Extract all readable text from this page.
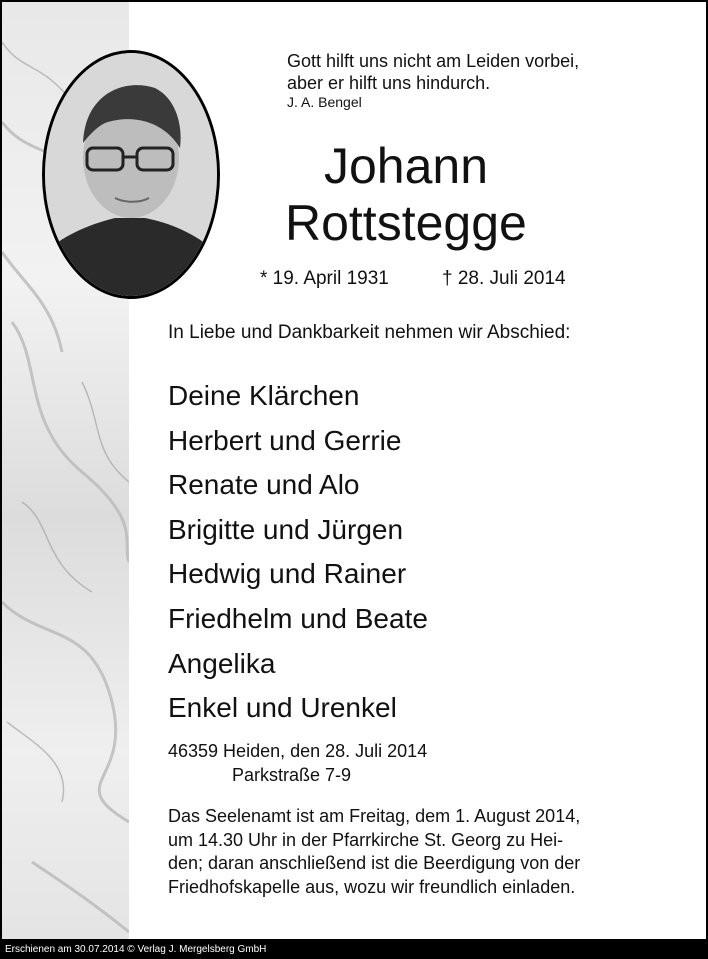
Gott hilft uns nicht am Leiden vorbei,
aber er hilft uns hindurch.
J. A. Bengel
Johann
Rottstegge
* 19. April 1931	† 28. Juli 2014
In Liebe und Dankbarkeit nehmen wir Abschied:
Deine Klärchen
Herbert und Gerrie
Renate und Alo
Brigitte und Jürgen
Hedwig und Rainer
Friedhelm und Beate
Angelika
Enkel und Urenkel
46359 Heiden, den 28. Juli 2014
Parkstraße 7-9

Das Seelenamt ist am Freitag, dem 1. August 2014,
um 14.30 Uhr in der Pfarrkirche St. Georg zu Hei-
den; daran anschließend ist die Beerdigung von der
Friedhofskapelle aus, wozu wir freundlich einladen.

Erschienen am 30.07.2014 © Verlag J. Mergelsberg GmbH
